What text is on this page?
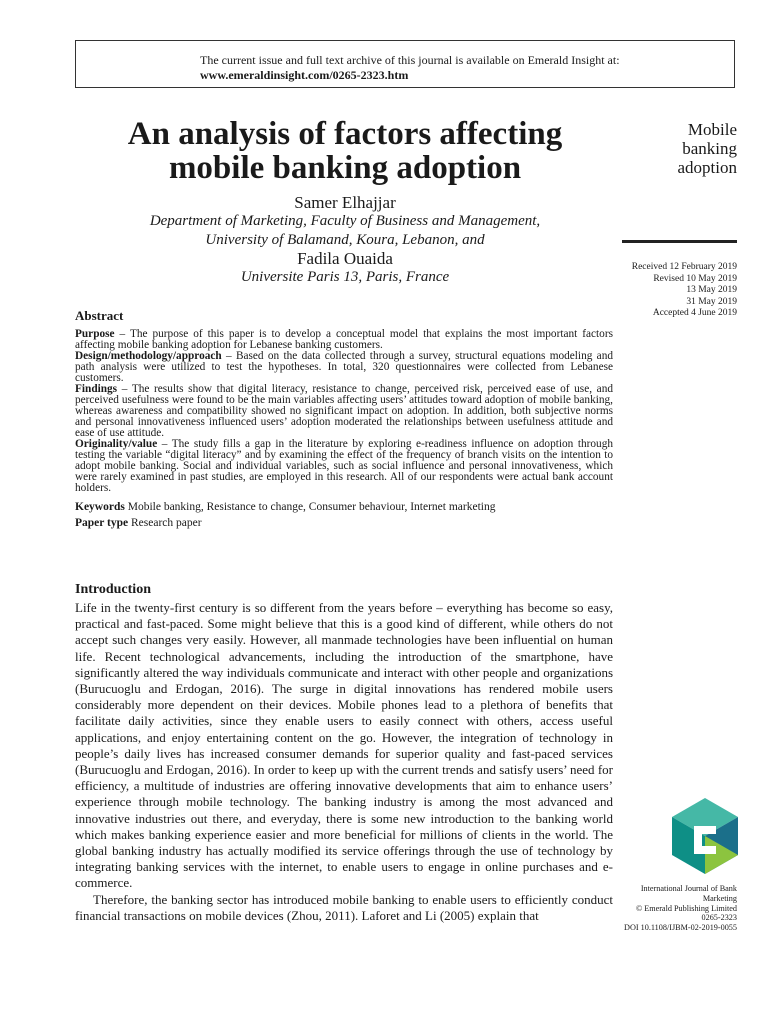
The current issue and full text archive of this journal is available on Emerald Insight at:
www.emeraldinsight.com/0265-2323.htm
An analysis of factors affecting
mobile banking adoption
Samer Elhajjar
Department of Marketing, Faculty of Business and Management,
University of Balamand, Koura, Lebanon, and
Fadila Ouaida
Universite Paris 13, Paris, France
Mobile
banking
adoption
Received 12 February 2019
Revised 10 May 2019
13 May 2019
31 May 2019
Accepted 4 June 2019
Abstract

Purpose – The purpose of this paper is to develop a conceptual model that explains the most important factors affecting mobile banking adoption for Lebanese banking customers.

Design/methodology/approach – Based on the data collected through a survey, structural equations modeling and path analysis were utilized to test the hypotheses. In total, 320 questionnaires were collected from Lebanese customers.

Findings – The results show that digital literacy, resistance to change, perceived risk, perceived ease of use, and perceived usefulness were found to be the main variables affecting users’ attitudes toward adoption of mobile banking, whereas awareness and compatibility showed no significant impact on adoption. In addition, both subjective norms and personal innovativeness influenced users’ adoption moderated the relationships between usefulness attitude and ease of use attitude.

Originality/value – The study fills a gap in the literature by exploring e-readiness influence on adoption through testing the variable “digital literacy” and by examining the effect of the frequency of branch visits on the intention to adopt mobile banking. Social and individual variables, such as social influence and personal innovativeness, which were rarely examined in past studies, are employed in this research. All of our respondents were actual bank account holders.

Keywords Mobile banking, Resistance to change, Consumer behaviour, Internet marketing

Paper type Research paper

Introduction

Life in the twenty-first century is so different from the years before – everything has become so easy, practical and fast-paced. Some might believe that this is a good kind of different, while others do not accept such changes very easily. However, all manmade technologies have been influential on human life. Recent technological advancements, including the introduction of the smartphone, have significantly altered the way individuals communicate and interact with other people and organizations (Burucuoglu and Erdogan, 2016). The surge in digital innovations has rendered mobile users considerably more dependent on their devices. Mobile phones lead to a plethora of benefits that facilitate daily activities, since they enable users to easily connect with others, access useful applications, and enjoy entertaining content on the go. However, the integration of technology in people’s daily lives has increased consumer demands for superior quality and fast-paced services (Burucuoglu and Erdogan, 2016). In order to keep up with the current trends and satisfy users’ need for efficiency, a multitude of industries are offering innovative developments that aim to enhance users’ experience through mobile technology. The banking industry is among the most advanced and innovative industries out there, and everyday, there is some new introduction to the banking world which makes banking experience easier and more beneficial for millions of clients in the world. The global banking industry has actually modified its service offerings through the use of technology by integrating banking services with the internet, to enable users to engage in online purchases and e-commerce.

Therefore, the banking sector has introduced mobile banking to enable users to efficiently conduct financial transactions on mobile devices (Zhou, 2011). Laforet and Li (2005) explain that

International Journal of Bank
Marketing
© Emerald Publishing Limited
0265-2323
DOI 10.1108/IJBM-02-2019-0055
